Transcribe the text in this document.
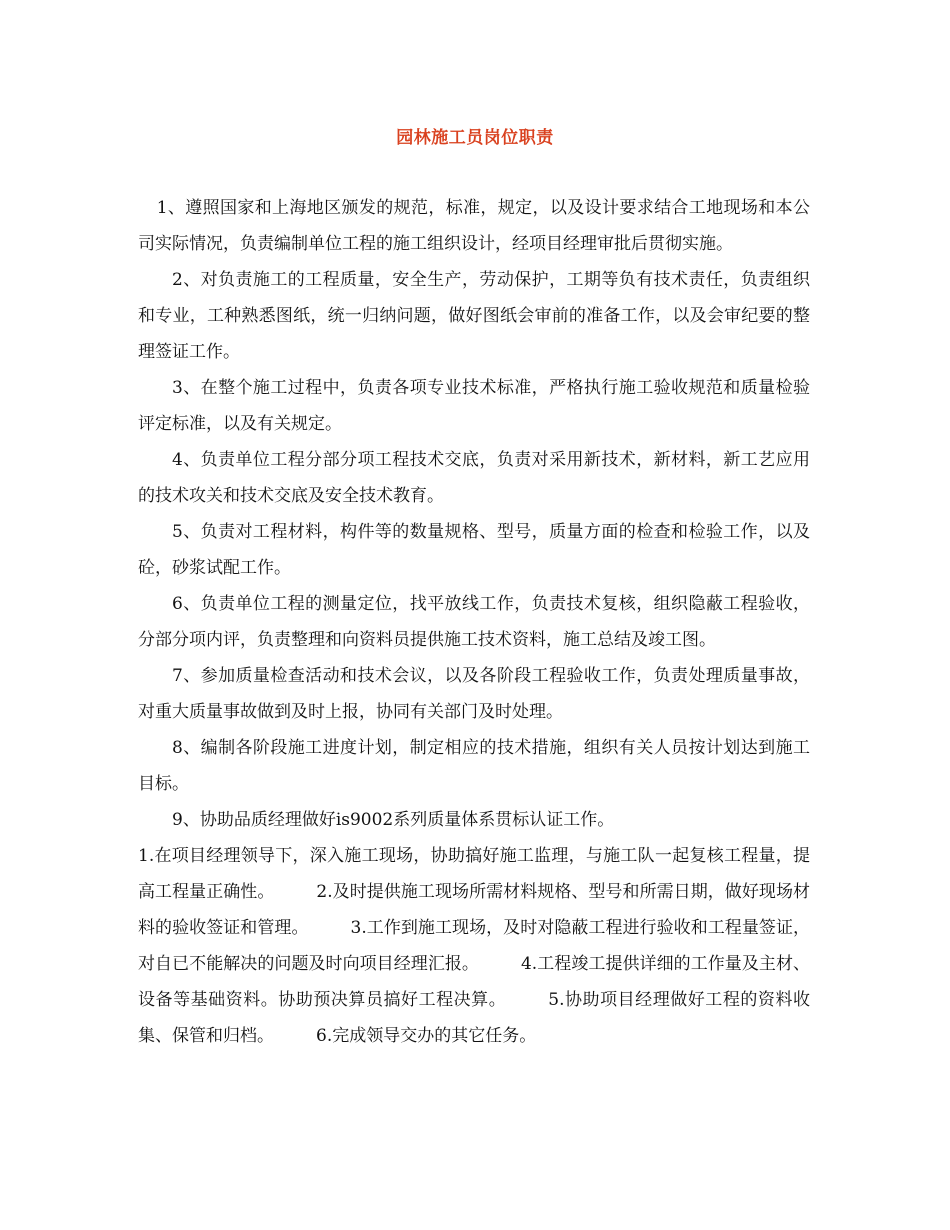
园林施工员岗位职责

1、遵照国家和上海地区颁发的规范，标准，规定，以及设计要求结合工地现场和本公司实际情况，负责编制单位工程的施工组织设计，经项目经理审批后贯彻实施。

2、对负责施工的工程质量，安全生产，劳动保护，工期等负有技术责任，负责组织和专业，工种熟悉图纸，统一归纳问题，做好图纸会审前的准备工作，以及会审纪要的整理签证工作。

3、在整个施工过程中，负责各项专业技术标准，严格执行施工验收规范和质量检验评定标准，以及有关规定。

4、负责单位工程分部分项工程技术交底，负责对采用新技术，新材料，新工艺应用的技术攻关和技术交底及安全技术教育。

5、负责对工程材料，构件等的数量规格、型号，质量方面的检查和检验工作，以及砼，砂浆试配工作。

6、负责单位工程的测量定位，找平放线工作，负责技术复核，组织隐蔽工程验收，分部分项内评，负责整理和向资料员提供施工技术资料，施工总结及竣工图。

7、参加质量检查活动和技术会议，以及各阶段工程验收工作，负责处理质量事故，对重大质量事故做到及时上报，协同有关部门及时处理。

8、编制各阶段施工进度计划，制定相应的技术措施，组织有关人员按计划达到施工目标。

9、协助品质经理做好is9002系列质量体系贯标认证工作。

1.在项目经理领导下，深入施工现场，协助搞好施工监理，与施工队一起复核工程量，提高工程量正确性。 2.及时提供施工现场所需材料规格、型号和所需日期，做好现场材料的验收签证和管理。 3.工作到施工现场，及时对隐蔽工程进行验收和工程量签证，对自已不能解决的问题及时向项目经理汇报。 4.工程竣工提供详细的工作量及主材、设备等基础资料。协助预决算员搞好工程决算。 5.协助项目经理做好工程的资料收集、保管和归档。 6.完成领导交办的其它任务。
